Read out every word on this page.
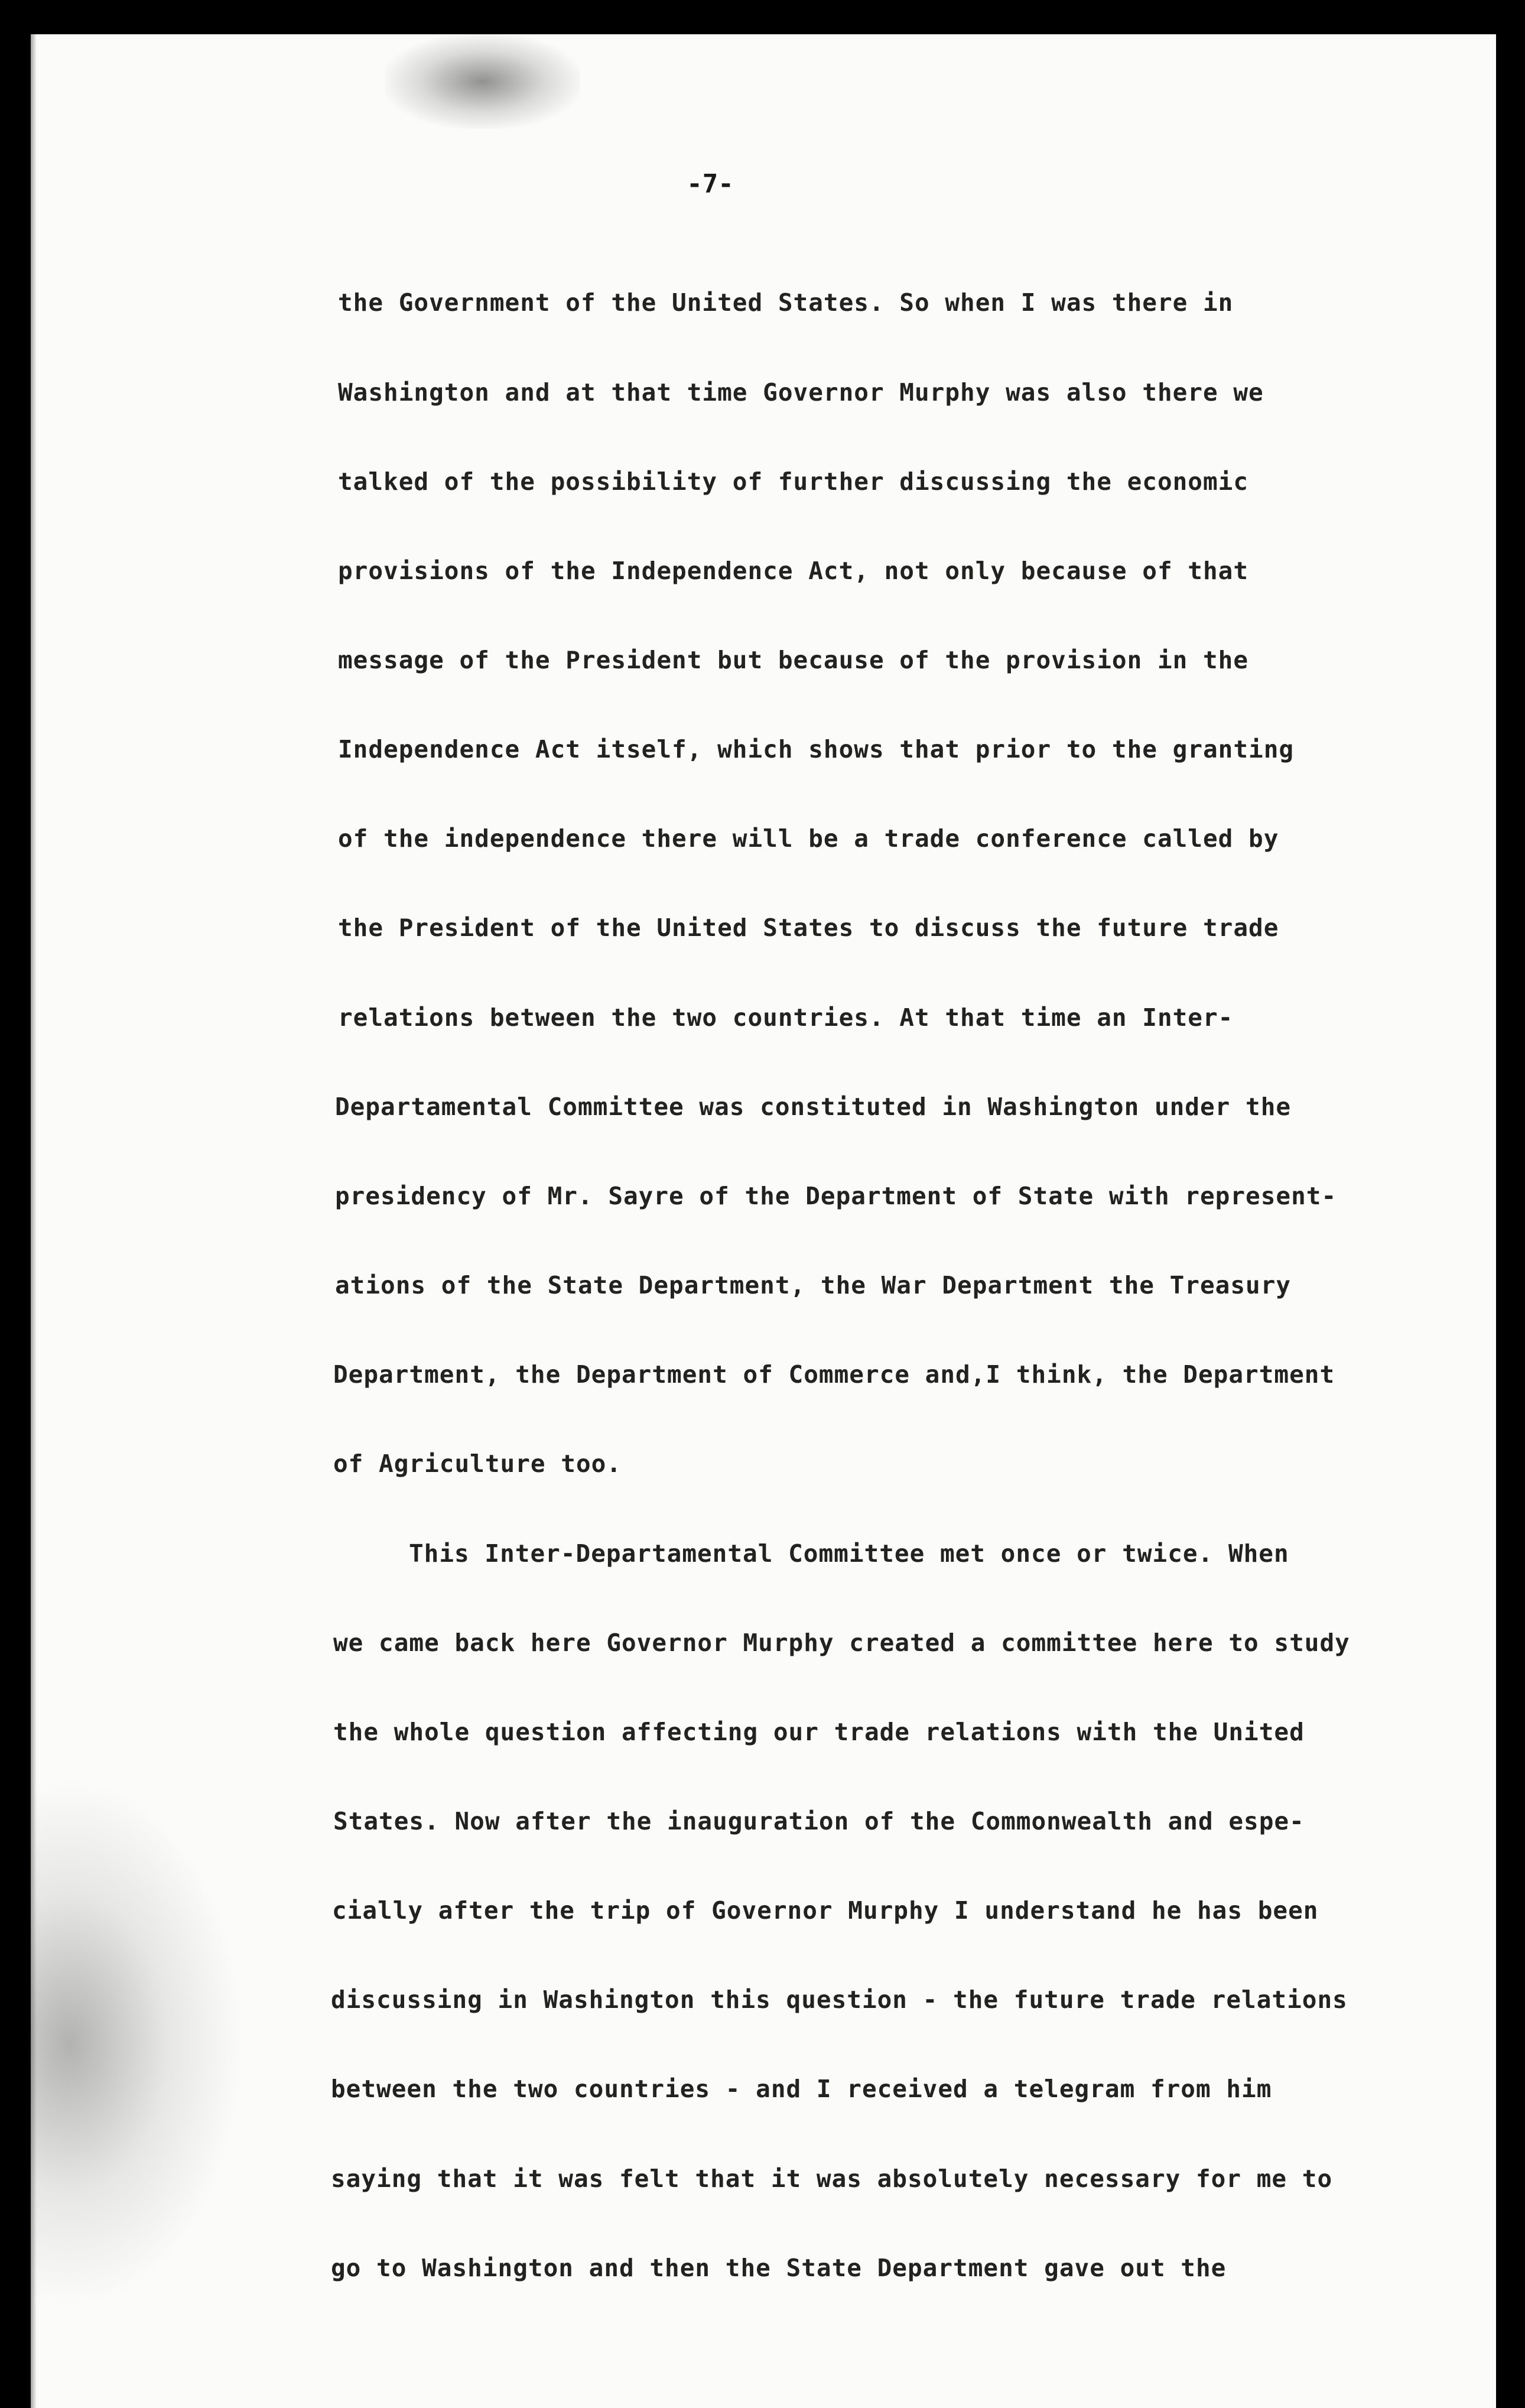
-7-
the Government of the United States. So when I was there in
Washington and at that time Governor Murphy was also there we
talked of the possibility of further discussing the economic
provisions of the Independence Act, not only because of that
message of the President but because of the provision in the
Independence Act itself, which shows that prior to the granting
of the independence there will be a trade conference called by
the President of the United States to discuss the future trade
relations between the two countries. At that time an Inter-
Departamental Committee was constituted in Washington under the
presidency of Mr. Sayre of the Department of State with represent-
ations of the State Department, the War Department the Treasury
Department, the Department of Commerce and,I think, the Department
of Agriculture too.
This Inter-Departamental Committee met once or twice. When
we came back here Governor Murphy created a committee here to study
the whole question affecting our trade relations with the United
States. Now after the inauguration of the Commonwealth and espe-
cially after the trip of Governor Murphy I understand he has been
discussing in Washington this question - the future trade relations
between the two countries - and I received a telegram from him
saying that it was felt that it was absolutely necessary for me to
go to Washington and then the State Department gave out the
